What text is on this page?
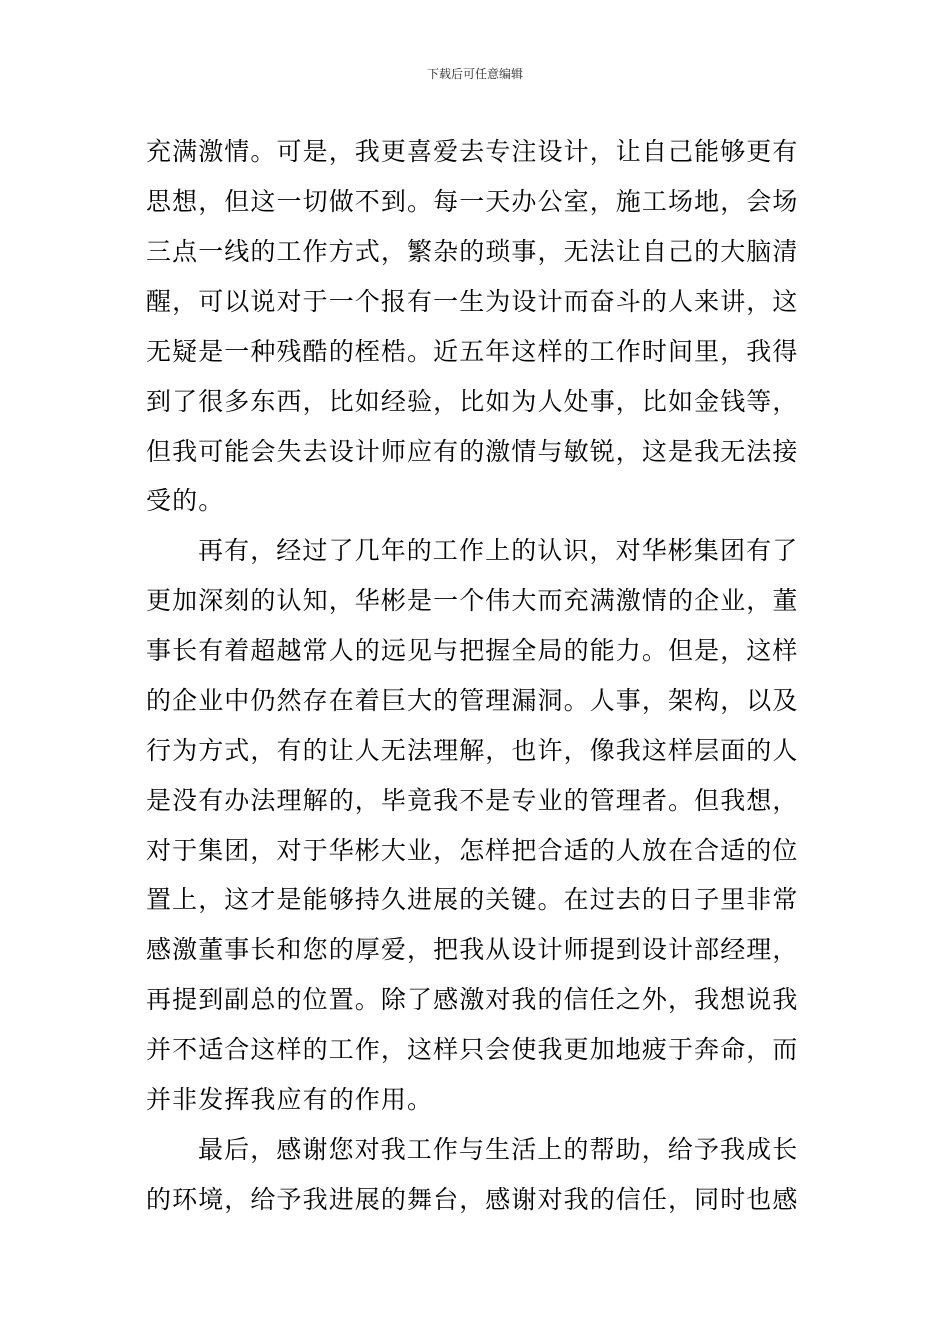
下载后可任意编辑
充满激情。可是，我更喜爱去专注设计，让自己能够更有
思想，但这一切做不到。每一天办公室，施工场地，会场
三点一线的工作方式，繁杂的琐事，无法让自己的大脑清
醒，可以说对于一个报有一生为设计而奋斗的人来讲，这
无疑是一种残酷的桎梏。近五年这样的工作时间里，我得
到了很多东西，比如经验，比如为人处事，比如金钱等，
但我可能会失去设计师应有的激情与敏锐，这是我无法接
受的。
再有，经过了几年的工作上的认识，对华彬集团有了
更加深刻的认知，华彬是一个伟大而充满激情的企业，董
事长有着超越常人的远见与把握全局的能力。但是，这样
的企业中仍然存在着巨大的管理漏洞。人事，架构，以及
行为方式，有的让人无法理解，也许，像我这样层面的人
是没有办法理解的，毕竟我不是专业的管理者。但我想，
对于集团，对于华彬大业，怎样把合适的人放在合适的位
置上，这才是能够持久进展的关键。在过去的日子里非常
感激董事长和您的厚爱，把我从设计师提到设计部经理，
再提到副总的位置。除了感激对我的信任之外，我想说我
并不适合这样的工作，这样只会使我更加地疲于奔命，而
并非发挥我应有的作用。
最后，感谢您对我工作与生活上的帮助，给予我成长
的环境，给予我进展的舞台，感谢对我的信任，同时也感
